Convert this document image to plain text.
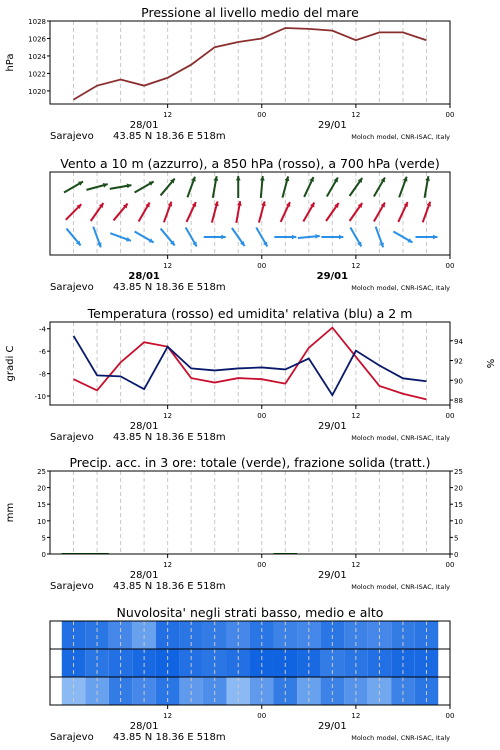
Pressione al livello medio del mare
1020
1022
1024
1026
1028
hPa
12	00	12	00
28/01	29/01
Sarajevo 43.85 N 18.36 E 518m	Moloch model, CNR-ISAC, Italy
Vento a 10 m (azzurro), a 850 hPa (rosso), a 700 hPa (verde)
12	00	12	00
28/01	29/01
Sarajevo 43.85 N 18.36 E 518m	Moloch model, CNR-ISAC, Italy
Temperatura (rosso) ed umidita' relativa (blu) a 2 m
-10
-8
-6
-4
gradi C
88
90
92
94
%
12	00	12	00
28/01	29/01
Sarajevo 43.85 N 18.36 E 518m	Moloch model, CNR-ISAC, Italy
Precip. acc. in 3 ore: totale (verde), frazione solida (tratt.)
0
5
10
15
20
25
mm
0
5
10
15
20
25
12	00	12	00
28/01	29/01
Sarajevo 43.85 N 18.36 E 518m	Moloch model, CNR-ISAC, Italy
Nuvolosita' negli strati basso, medio e alto
12	00	12	00
28/01	29/01
Sarajevo 43.85 N 18.36 E 518m	Moloch model, CNR-ISAC, Italy
